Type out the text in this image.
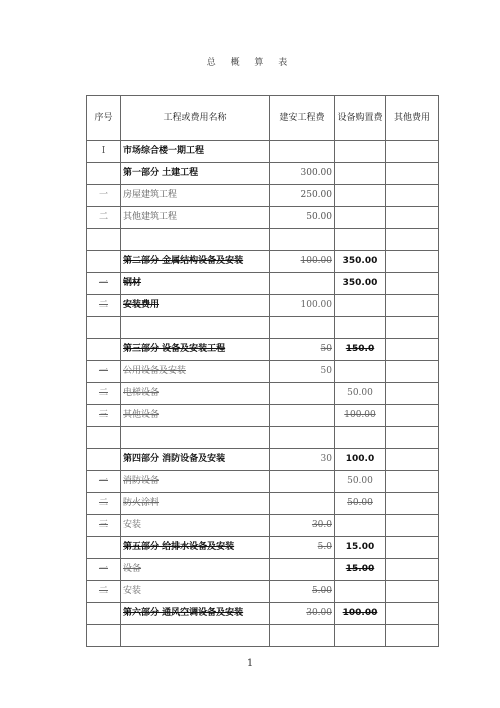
总 概 算 表
序号	工程或费用名称	建安工程费	设备购置费	其他费用
I	市场综合楼一期工程			
	第一部分 土建工程	300.00		
一	房屋建筑工程	250.00		
二	其他建筑工程	50.00		

	第二部分 金属结构设备及安装	100.00	350.00	
一	钢材		350.00	
二	安装费用	100.00		

	第三部分 设备及安装工程	50	150.0	
一	公用设备及安装	50		
二	电梯设备		50.00	
三	其他设备		100.00	

	第四部分 消防设备及安装	30	100.0	
一	消防设备		50.00	
二	防火涂料		50.00	
三	安装	30.0		
	第五部分 给排水设备及安装	5.0	15.00	
一	设备		15.00	
二	安装	5.00		
	第六部分 通风空调设备及安装	30.00	100.00	

1
